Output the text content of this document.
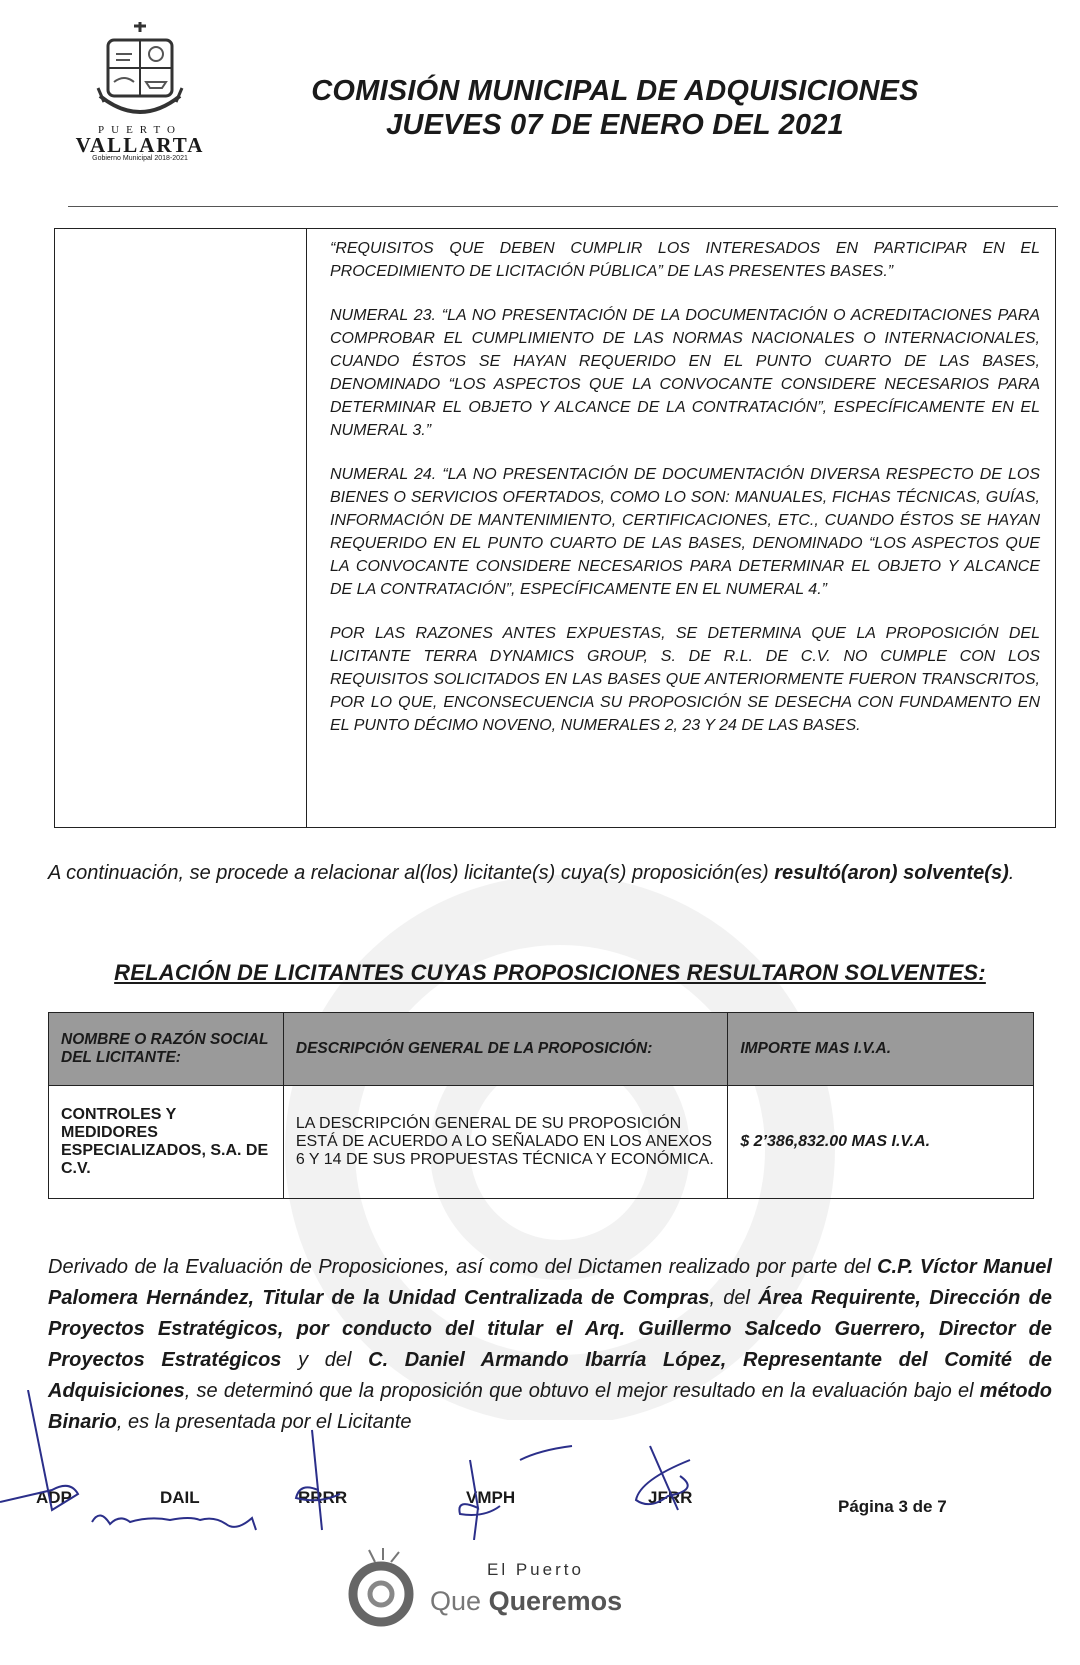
PUERTO
VALLARTA
Gobierno Municipal 2018-2021
COMISIÓN MUNICIPAL DE ADQUISICIONES
JUEVES 07 DE ENERO DEL 2021

“REQUISITOS QUE DEBEN CUMPLIR LOS INTERESADOS EN PARTICIPAR EN EL PROCEDIMIENTO DE LICITACIÓN PÚBLICA” DE LAS PRESENTES BASES.”

NUMERAL 23. “LA NO PRESENTACIÓN DE LA DOCUMENTACIÓN O ACREDITACIONES PARA COMPROBAR EL CUMPLIMIENTO DE LAS NORMAS NACIONALES O INTERNACIONALES, CUANDO ÉSTOS SE HAYAN REQUERIDO EN EL PUNTO CUARTO DE LAS BASES, DENOMINADO “LOS ASPECTOS QUE LA CONVOCANTE CONSIDERE NECESARIOS PARA DETERMINAR EL OBJETO Y ALCANCE DE LA CONTRATACIÓN”, ESPECÍFICAMENTE EN EL NUMERAL 3.”

NUMERAL 24. “LA NO PRESENTACIÓN DE DOCUMENTACIÓN DIVERSA RESPECTO DE LOS BIENES O SERVICIOS OFERTADOS, COMO LO SON: MANUALES, FICHAS TÉCNICAS, GUÍAS, INFORMACIÓN DE MANTENIMIENTO, CERTIFICACIONES, ETC., CUANDO ÉSTOS SE HAYAN REQUERIDO EN EL PUNTO CUARTO DE LAS BASES, DENOMINADO “LOS ASPECTOS QUE LA CONVOCANTE CONSIDERE NECESARIOS PARA DETERMINAR EL OBJETO Y ALCANCE DE LA CONTRATACIÓN”, ESPECÍFICAMENTE EN EL NUMERAL 4.”

POR LAS RAZONES ANTES EXPUESTAS, SE DETERMINA QUE LA PROPOSICIÓN DEL LICITANTE TERRA DYNAMICS GROUP, S. DE R.L. DE C.V. NO CUMPLE CON LOS REQUISITOS SOLICITADOS EN LAS BASES QUE ANTERIORMENTE FUERON TRANSCRITOS, POR LO QUE, ENCONSECUENCIA SU PROPOSICIÓN SE DESECHA CON FUNDAMENTO EN EL PUNTO DÉCIMO NOVENO, NUMERALES 2, 23 Y 24 DE LAS BASES.

A continuación, se procede a relacionar al(los) licitante(s) cuya(s) proposición(es) resultó(aron) solvente(s).
RELACIÓN DE LICITANTES CUYAS PROPOSICIONES RESULTARON SOLVENTES:
NOMBRE O RAZÓN SOCIAL DEL LICITANTE:	DESCRIPCIÓN GENERAL DE LA PROPOSICIÓN:	IMPORTE MAS I.V.A.
CONTROLES Y MEDIDORES ESPECIALIZADOS, S.A. DE C.V.	LA DESCRIPCIÓN GENERAL DE SU PROPOSICIÓN ESTÁ DE ACUERDO A LO SEÑALADO EN LOS ANEXOS 6 Y 14 DE SUS PROPUESTAS TÉCNICA Y ECONÓMICA.	$ 2’386,832.00 MAS I.V.A.
Derivado de la Evaluación de Proposiciones, así como del Dictamen realizado por parte del C.P. Víctor Manuel Palomera Hernández, Titular de la Unidad Centralizada de Compras, del Área Requirente, Dirección de Proyectos Estratégicos, por conducto del titular el Arq. Guillermo Salcedo Guerrero, Director de Proyectos Estratégicos y del C. Daniel Armando Ibarría López, Representante del Comité de Adquisiciones, se determinó que la proposición que obtuvo el mejor resultado en la evaluación bajo el método Binario, es la presentada por el Licitante
ADP	DAIL	RRRR	VMPH	JFRR	Página 3 de 7
El Puerto
Que Queremos
